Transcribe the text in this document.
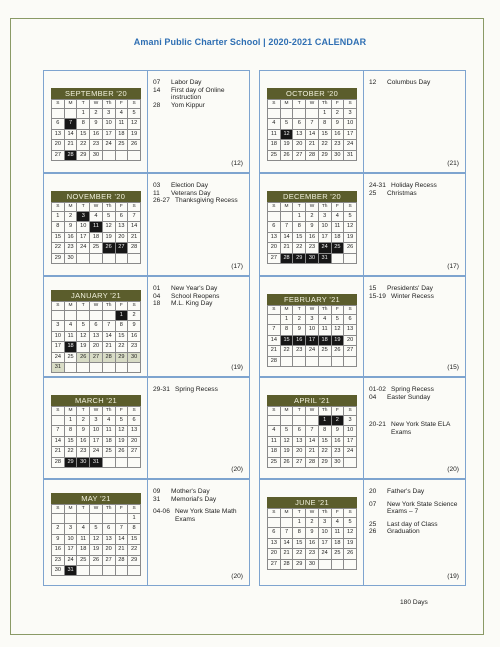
Amani Public Charter School | 2020-2021 CALENDAR
SEPTEMBER '20
S	M	T	W	Th	F	S
		1	2	3	4	5
6	7	8	9	10	11	12
13	14	15	16	17	18	19
20	21	22	23	24	25	26
27	28	29	30			
07	Labor Day
14	First day of Online instruction
28	Yom Kippur
(12)
OCTOBER '20
S	M	T	W	Th	F	S
				1	2	3
4	5	6	7	8	9	10
11	12	13	14	15	16	17
18	19	20	21	22	23	24
25	26	27	28	29	30	31
12	Columbus Day
(21)
NOVEMBER '20
S	M	T	W	Th	F	S
1	2	3	4	5	6	7
8	9	10	11	12	13	14
15	16	17	18	19	20	21
22	23	24	25	26	27	28
29	30					
03	Election Day
11	Veterans Day
26-27 Thanksgiving Recess
(17)
DECEMBER '20
S	M	T	W	Th	F	S
		1	2	3	4	5
6	7	8	9	10	11	12
13	14	15	16	17	18	19
20	21	22	23	24	25	26
27	28	29	30	31		
24-31 Holiday Recess
25	Christmas
(17)
JANUARY '21
S	M	T	W	Th	F	S
					1	2
3	4	5	6	7	8	9
10	11	12	13	14	15	16
17	18	19	20	21	22	23
24	25	26	27	28	29	30
31						
01	New Year's Day
04	School Reopens
18	M.L. King Day
(19)
FEBRUARY '21
S	M	T	W	Th	F	S
	1	2	3	4	5	6
7	8	9	10	11	12	13
14	15	16	17	18	19	20
21	22	23	24	25	26	27
28						
15	Presidents' Day
15-19 Winter Recess
(15)
MARCH '21
S	M	T	W	Th	F	S
	1	2	3	4	5	6
7	8	9	10	11	12	13
14	15	16	17	18	19	20
21	22	23	24	25	26	27
28	29	30	31			
29-31 Spring Recess
(20)
APRIL '21
S	M	T	W	Th	F	S
				1	2	3
4	5	6	7	8	9	10
11	12	13	14	15	16	17
18	19	20	21	22	23	24
25	26	27	28	29	30	
01-02 Spring Recess
04	Easter Sunday
20-21 New York State ELA Exams
(20)
MAY '21
S	M	T	W	Th	F	S
						1
2	3	4	5	6	7	8
9	10	11	12	13	14	15
16	17	18	19	20	21	22
23	24	25	26	27	28	29
30	31					
09	Mother's Day
31	Memorial's Day
04-06 New York State Math Exams
(20)
JUNE '21
S	M	T	W	Th	F	S
		1	2	3	4	5
6	7	8	9	10	11	12
13	14	15	16	17	18	19
20	21	22	23	24	25	26
27	28	29	30			
20	Father's Day
07	New York State Science Exams – 7
25	Last day of Class
26	Graduation
(19)
180 Days
